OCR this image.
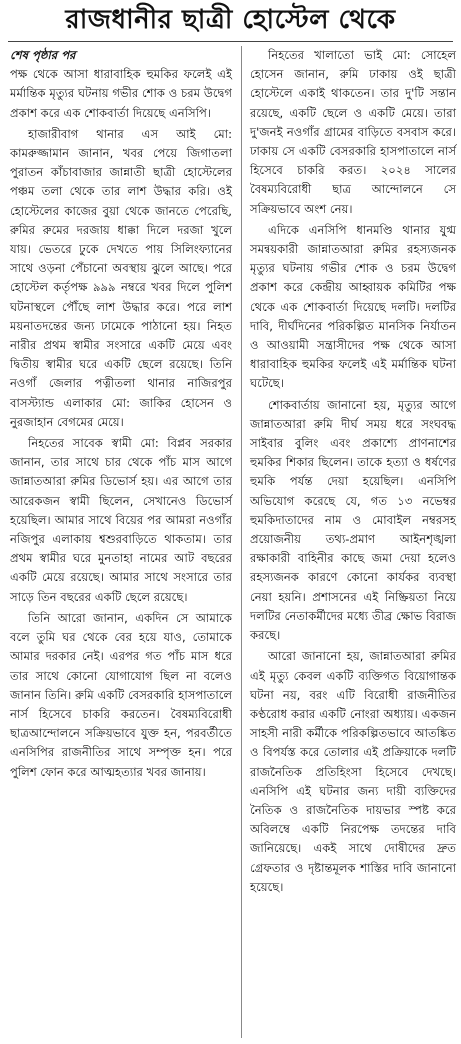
রাজধানীর ছাত্রী হোস্টেল থেকে
শেষ পৃষ্ঠার পর

পক্ষ থেকে আসা ধারাবাহিক হুমকির ফলেই এই মর্মান্তিক মৃত্যুর ঘটনায় গভীর শোক ও চরম উদ্বেগ প্রকাশ করে এক শোকবার্তা দিয়েছে এনসিপি।

হাজারীবাগ থানার এস আই মো: কামরুজ্জামান জানান, খবর পেয়ে জিগাতলা পুরাতন কাঁচাবাজার জান্নাতী ছাত্রী হোস্টেলের পঞ্চম তলা থেকে তার লাশ উদ্ধার করি। ওই হোস্টেলের কাজের বুয়া থেকে জানতে পেরেছি, রুমির রুমের দরজায় ধাক্কা দিলে দরজা খুলে যায়। ভেতরে ঢুকে দেখতে পায় সিলিংফ্যানের সাথে ওড়না পেঁচানো অবস্থায় ঝুলে আছে। পরে হোস্টেল কর্তৃপক্ষ ৯৯৯ নম্বরে খবর দিলে পুলিশ ঘটনাস্থলে পৌঁছে লাশ উদ্ধার করে। পরে লাশ ময়নাতদন্তের জন্য ঢামেকে পাঠানো হয়। নিহত নারীর প্রথম স্বামীর সংসারে একটি মেয়ে এবং দ্বিতীয় স্বামীর ঘরে একটি ছেলে রয়েছে। তিনি নওগাঁ জেলার পত্নীতলা থানার নাজিরপুর বাসস্ট্যান্ড এলাকার মো: জাকির হোসেন ও নুরজাহান বেগমের মেয়ে।

নিহতের সাবেক স্বামী মো: বিপ্লব সরকার জানান, তার সাথে চার থেকে পাঁচ মাস আগে জান্নাতআরা রুমির ডিভোর্স হয়। এর আগে তার আরেকজন স্বামী ছিলেন, সেখানেও ডিভোর্স হয়েছিল। আমার সাথে বিয়ের পর আমরা নওগাঁর নজিপুর এলাকায় শ্বশুরবাড়িতে থাকতাম। তার প্রথম স্বামীর ঘরে মুনতাহা নামের আট বছরের একটি মেয়ে রয়েছে। আমার সাথে সংসারে তার সাড়ে তিন বছরের একটি ছেলে রয়েছে।

তিনি আরো জানান, একদিন সে আমাকে বলে তুমি ঘর থেকে বের হয়ে যাও, তোমাকে আমার দরকার নেই। এরপর গত পাঁচ মাস ধরে তার সাথে কোনো যোগাযোগ ছিল না বলেও জানান তিনি। রুমি একটি বেসরকারি হাসপাতালে নার্স হিসেবে চাকরি করতেন। বৈষম্যবিরোধী ছাত্রআন্দোলনে সক্রিয়ভাবে যুক্ত হন, পরবর্তীতে এনসিপির রাজনীতির সাথে সম্পৃক্ত হন। পরে পুলিশ ফোন করে আত্মহত্যার খবর জানায়।

নিহতের খালাতো ভাই মো: সোহেল হোসেন জানান, রুমি ঢাকায় ওই ছাত্রী হোস্টেলে একাই থাকতেন। তার দু'টি সন্তান রয়েছে, একটি ছেলে ও একটি মেয়ে। তারা দু'জনই নওগাঁর গ্রামের বাড়িতে বসবাস করে। ঢাকায় সে একটি বেসরকারি হাসপাতালে নার্স হিসেবে চাকরি করত। ২০২৪ সালের বৈষম্যবিরোধী ছাত্র আন্দোলনে সে সক্রিয়ভাবে অংশ নেয়।

এদিকে এনসিপি ধানমণ্ডি থানার যুগ্ম সমন্বয়কারী জান্নাতআরা রুমির রহস্যজনক মৃত্যুর ঘটনায় গভীর শোক ও চরম উদ্বেগ প্রকাশ করে কেন্দ্রীয় আহ্বায়ক কমিটির পক্ষ থেকে এক শোকবার্তা দিয়েছে দলটি। দলটির দাবি, দীর্ঘদিনের পরিকল্পিত মানসিক নির্যাতন ও আওয়ামী সন্ত্রাসীদের পক্ষ থেকে আসা ধারাবাহিক হুমকির ফলেই এই মর্মান্তিক ঘটনা ঘটেছে।

শোকবার্তায় জানানো হয়, মৃত্যুর আগে জান্নাতআরা রুমি দীর্ঘ সময় ধরে সংঘবদ্ধ সাইবার বুলিং এবং প্রকাশ্যে প্রাণনাশের হুমকির শিকার ছিলেন। তাকে হত্যা ও ধর্ষণের হুমকি পর্যন্ত দেয়া হয়েছিল। এনসিপি অভিযোগ করেছে যে, গত ১৩ নভেম্বর হুমকিদাতাদের নাম ও মোবাইল নম্বরসহ প্রয়োজনীয় তথ্য-প্রমাণ আইনশৃঙ্খলা রক্ষাকারী বাহিনীর কাছে জমা দেয়া হলেও রহস্যজনক কারণে কোনো কার্যকর ব্যবস্থা নেয়া হয়নি। প্রশাসনের এই নিষ্ক্রিয়তা নিয়ে দলটির নেতাকর্মীদের মধ্যে তীব্র ক্ষোভ বিরাজ করছে।

আরো জানানো হয়, জান্নাতআরা রুমির এই মৃত্যু কেবল একটি ব্যক্তিগত বিয়োগান্তক ঘটনা নয়, বরং এটি বিরোধী রাজনীতির কণ্ঠরোধ করার একটি নোংরা অধ্যায়। একজন সাহসী নারী কর্মীকে পরিকল্পিতভাবে আতঙ্কিত ও বিপর্যস্ত করে তোলার এই প্রক্রিয়াকে দলটি রাজনৈতিক প্রতিহিংসা হিসেবে দেখছে। এনসিপি এই ঘটনার জন্য দায়ী ব্যক্তিদের নৈতিক ও রাজনৈতিক দায়ভার স্পষ্ট করে অবিলম্বে একটি নিরপেক্ষ তদন্তের দাবি জানিয়েছে। একই সাথে দোষীদের দ্রুত গ্রেফতার ও দৃষ্টান্তমূলক শাস্তির দাবি জানানো হয়েছে।
